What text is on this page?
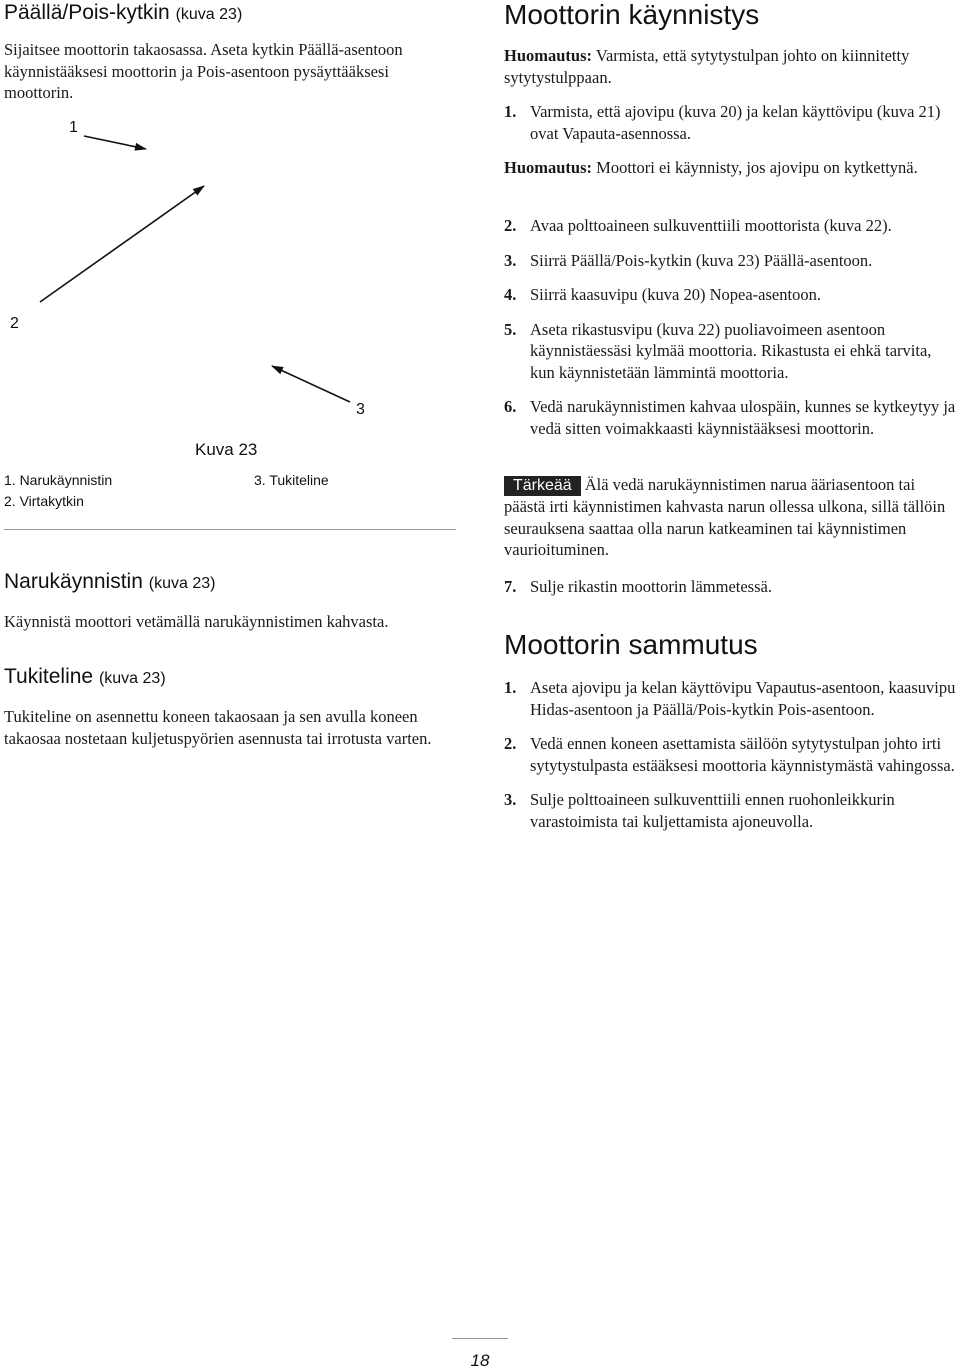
Päällä/Pois-kytkin (kuva 23)

Sijaitsee moottorin takaosassa. Aseta kytkin Päällä-asentoon käynnistääksesi moottorin ja Pois-asentoon pysäyttääksesi moottorin.

1
2
3
Kuva 23
1. Narukäynnistin
2. Virtakytkin
3. Tukiteline
Narukäynnistin (kuva 23)

Käynnistä moottori vetämällä narukäynnistimen kahvasta.

Tukiteline (kuva 23)

Tukiteline on asennettu koneen takaosaan ja sen avulla koneen takaosaa nostetaan kuljetuspyörien asennusta tai irrotusta varten.

Moottorin käynnistys

Huomautus: Varmista, että sytytystulpan johto on kiinnitetty sytytystulppaan.

1. Varmista, että ajovipu (kuva 20) ja kelan käyttövipu (kuva 21) ovat Vapauta-asennossa.

Huomautus: Moottori ei käynnisty, jos ajovipu on kytkettynä.

2. Avaa polttoaineen sulkuventtiili moottorista (kuva 22).
3. Siirrä Päällä/Pois-kytkin (kuva 23) Päällä-asentoon.
4. Siirrä kaasuvipu (kuva 20) Nopea-asentoon.
5. Aseta rikastusvipu (kuva 22) puoliavoimeen asentoon käynnistäessäsi kylmää moottoria. Rikastusta ei ehkä tarvita, kun käynnistetään lämmintä moottoria.
6. Vedä narukäynnistimen kahvaa ulospäin, kunnes se kytkeytyy ja vedä sitten voimakkaasti käynnistääksesi moottorin.

Tärkeää Älä vedä narukäynnistimen narua ääriasentoon tai päästä irti käynnistimen kahvasta narun ollessa ulkona, sillä tällöin seurauksena saattaa olla narun katkeaminen tai käynnistimen vaurioituminen.

7. Sulje rikastin moottorin lämmetessä.
Moottorin sammutus
1. Aseta ajovipu ja kelan käyttövipu Vapautus-asentoon, kaasuvipu Hidas-asentoon ja Päällä/Pois-kytkin Pois-asentoon.
2. Vedä ennen koneen asettamista säilöön sytytystulpan johto irti sytytystulpasta estääksesi moottoria käynnistymästä vahingossa.
3. Sulje polttoaineen sulkuventtiili ennen ruohonleikkurin varastoimista tai kuljettamista ajoneuvolla.
18
